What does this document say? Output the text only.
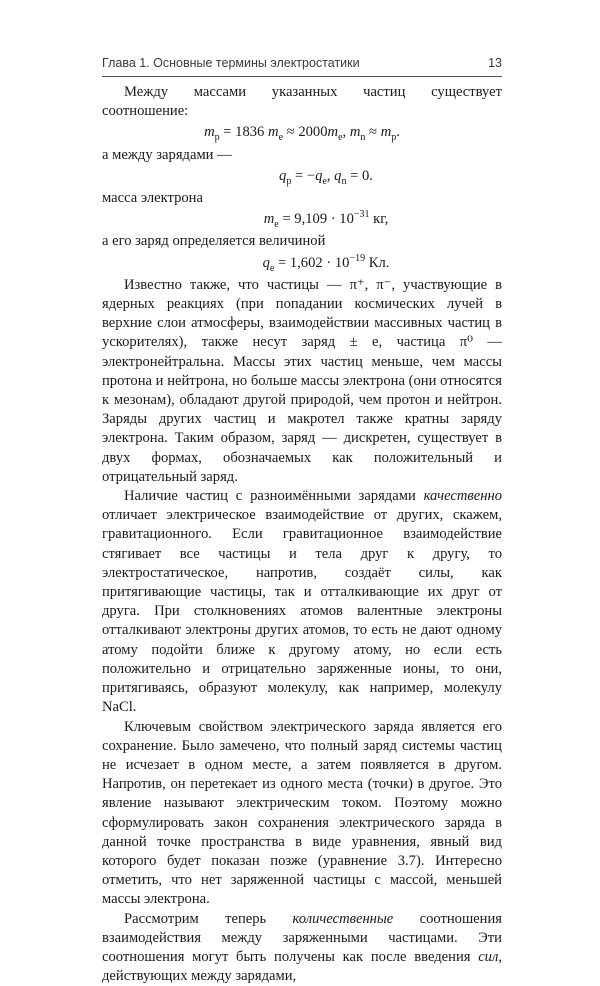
Глава 1. Основные термины электростатики	13

Между массами указанных частиц существует соотношение:

$m_p = 1836$ $m_e \approx 2000m_e$, $m_n \approx m_p$.

а между зарядами —

$q_p = -q_e$, $q_n = 0$.

масса электрона

$m_e = 9,109 \cdot 10^{-31}$ кг,

а его заряд определяется величиной

$q_e = 1,602 \cdot 10^{-19}$ Кл.

Известно также, что частицы — π⁺, π⁻, участвующие в ядерных реакциях (при попадании космических лучей в верхние слои атмосферы, взаимодействии массивных частиц в ускорителях), также несут заряд ± e, частица π⁰ — электронейтральна. Массы этих частиц меньше, чем массы протона и нейтрона, но больше массы электрона (они относятся к мезонам), обладают другой природой, чем протон и нейтрон. Заряды других частиц и макротел также кратны заряду электрона. Таким образом, заряд — дискретен, существует в двух формах, обозначаемых как положительный и отрицательный заряд.

Наличие частиц с разноимёнными зарядами качественно отличает электрическое взаимодействие от других, скажем, гравитационного. Если гравитационное взаимодействие стягивает все частицы и тела друг к другу, то электростатическое, напротив, создаёт силы, как притягивающие частицы, так и отталкивающие их друг от друга. При столкновениях атомов валентные электроны отталкивают электроны других атомов, то есть не дают одному атому подойти ближе к другому атому, но если есть положительно и отрицательно заряженные ионы, то они, притягиваясь, образуют молекулу, как например, молекулу NaCl.

Ключевым свойством электрического заряда является его сохранение. Было замечено, что полный заряд системы частиц не исчезает в одном месте, а затем появляется в другом. Напротив, он перетекает из одного места (точки) в другое. Это явление называют электрическим током. Поэтому можно сформулировать закон сохранения электрического заряда в данной точке пространства в виде уравнения, явный вид которого будет показан позже (уравнение 3.7). Интересно отметить, что нет заряженной частицы с массой, меньшей массы электрона.

Рассмотрим теперь количественные соотношения взаимодействия между заряженными частицами. Эти соотношения могут быть получены как после введения сил, действующих между зарядами,
